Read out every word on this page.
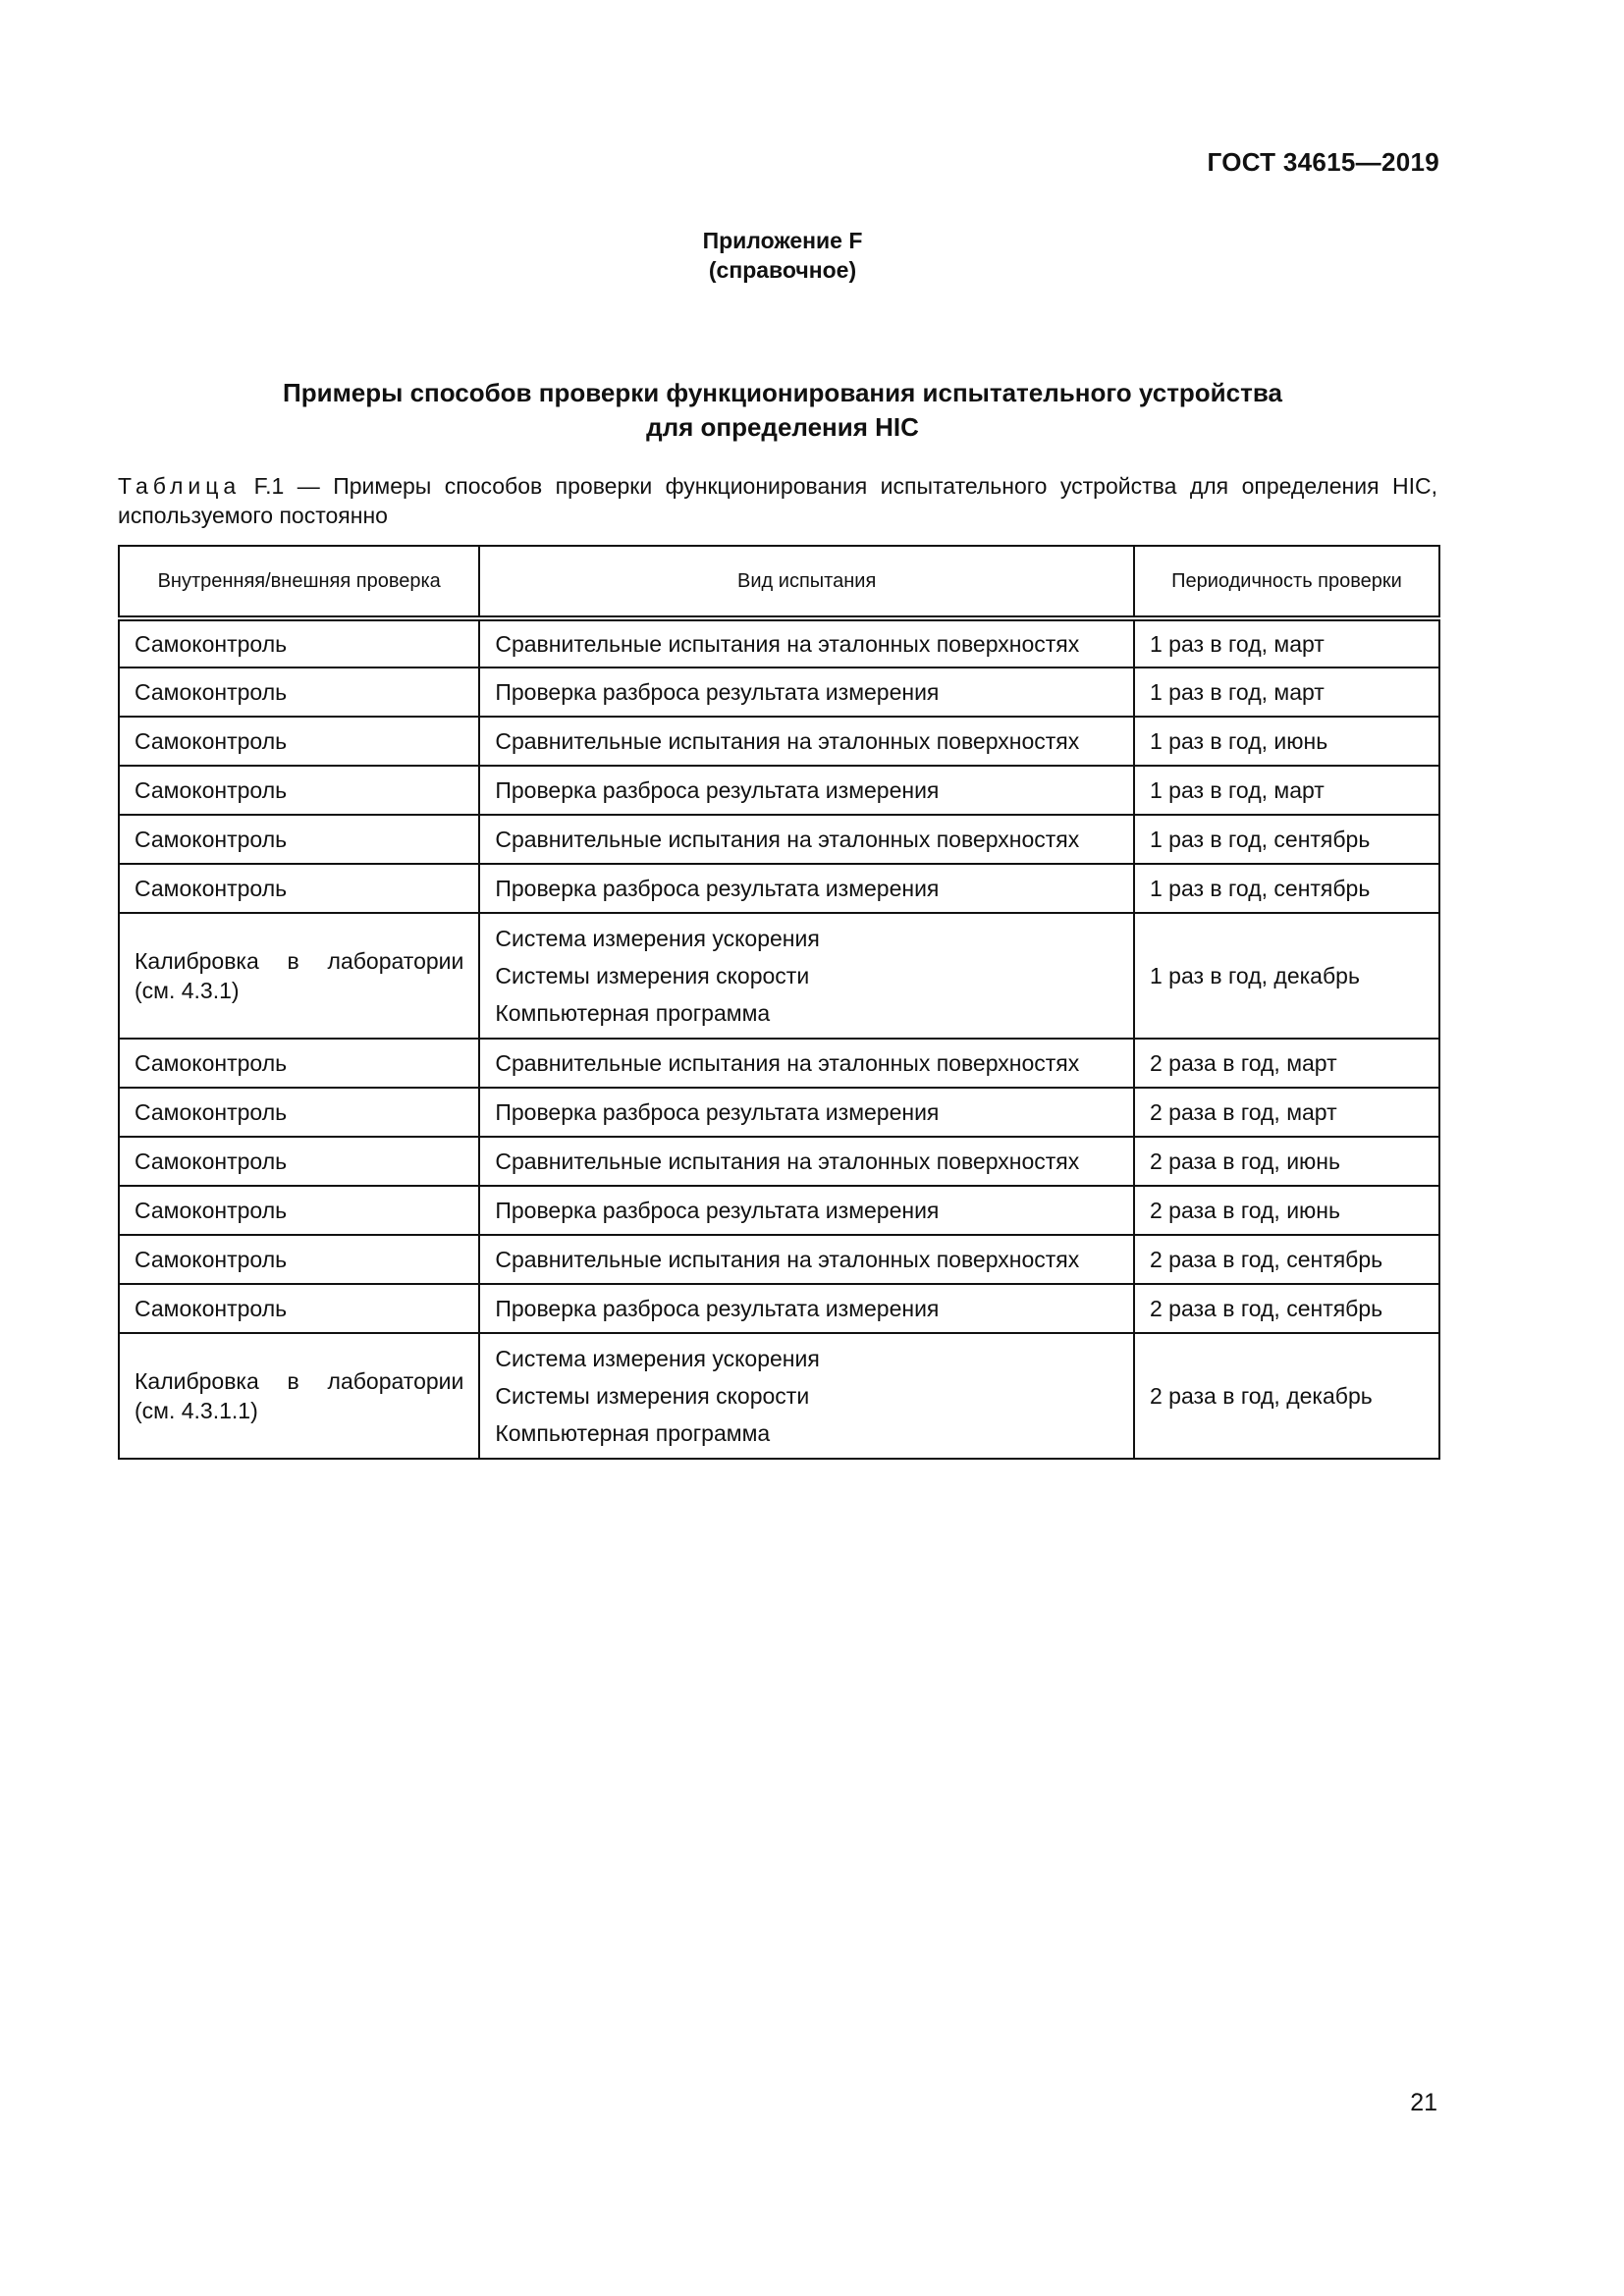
ГОСТ 34615—2019
Приложение F
(справочное)
Примеры способов проверки функционирования испытательного устройства
для определения HIC
Таблица F.1 — Примеры способов проверки функционирования испытательного устройства для определения HIC, используемого постоянно
Внутренняя/внешняя проверка	Вид испытания	Периодичность проверки
Самоконтроль	Сравнительные испытания на эталонных поверхностях	1 раз в год, март
Самоконтроль	Проверка разброса результата измерения	1 раз в год, март
Самоконтроль	Сравнительные испытания на эталонных поверхностях	1 раз в год, июнь
Самоконтроль	Проверка разброса результата измерения	1 раз в год, март
Самоконтроль	Сравнительные испытания на эталонных поверхностях	1 раз в год, сентябрь
Самоконтроль	Проверка разброса результата измерения	1 раз в год, сентябрь
Калибровка в лаборатории (см. 4.3.1)	Система измерения ускорения
Системы измерения скорости
Компьютерная программа	1 раз в год, декабрь
Самоконтроль	Сравнительные испытания на эталонных поверхностях	2 раза в год, март
Самоконтроль	Проверка разброса результата измерения	2 раза в год, март
Самоконтроль	Сравнительные испытания на эталонных поверхностях	2 раза в год, июнь
Самоконтроль	Проверка разброса результата измерения	2 раза в год, июнь
Самоконтроль	Сравнительные испытания на эталонных поверхностях	2 раза в год, сентябрь
Самоконтроль	Проверка разброса результата измерения	2 раза в год, сентябрь
Калибровка в лаборатории (см. 4.3.1.1)	Система измерения ускорения
Системы измерения скорости
Компьютерная программа	2 раза в год, декабрь
21
